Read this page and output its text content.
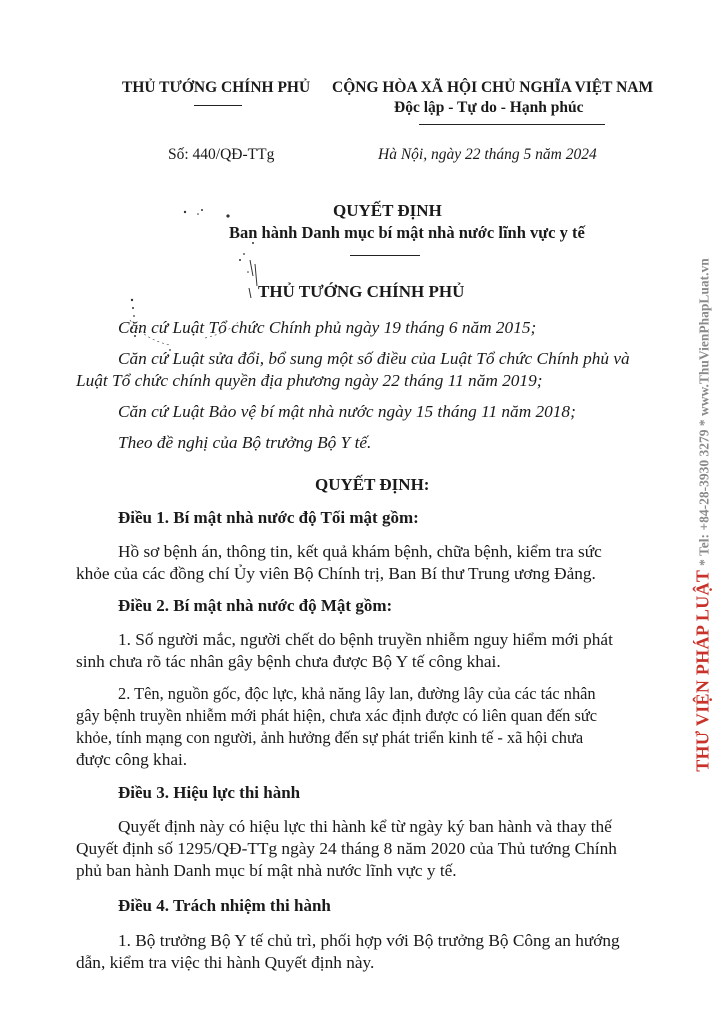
THỦ TƯỚNG CHÍNH PHỦ CỘNG HÒA XÃ HỘI CHỦ NGHĨA VIỆT NAM
Độc lập - Tự do - Hạnh phúc
Số: 440/QĐ-TTg	Hà Nội, ngày 22 tháng 5 năm 2024
QUYẾT ĐỊNH
Ban hành Danh mục bí mật nhà nước lĩnh vực y tế
THỦ TƯỚNG CHÍNH PHỦ
Căn cứ Luật Tổ chức Chính phủ ngày 19 tháng 6 năm 2015;
Căn cứ Luật sửa đổi, bổ sung một số điều của Luật Tổ chức Chính phủ và
Luật Tổ chức chính quyền địa phương ngày 22 tháng 11 năm 2019;
Căn cứ Luật Bảo vệ bí mật nhà nước ngày 15 tháng 11 năm 2018;
Theo đề nghị của Bộ trưởng Bộ Y tế.
QUYẾT ĐỊNH:
Điều 1. Bí mật nhà nước độ Tối mật gồm:
Hồ sơ bệnh án, thông tin, kết quả khám bệnh, chữa bệnh, kiểm tra sức
khỏe của các đồng chí Ủy viên Bộ Chính trị, Ban Bí thư Trung ương Đảng.
Điều 2. Bí mật nhà nước độ Mật gồm:
1. Số người mắc, người chết do bệnh truyền nhiễm nguy hiểm mới phát
sinh chưa rõ tác nhân gây bệnh chưa được Bộ Y tế công khai.
2. Tên, nguồn gốc, độc lực, khả năng lây lan, đường lây của các tác nhân
gây bệnh truyền nhiễm mới phát hiện, chưa xác định được có liên quan đến sức
khỏe, tính mạng con người, ảnh hưởng đến sự phát triển kinh tế - xã hội chưa
được công khai.
Điều 3. Hiệu lực thi hành
Quyết định này có hiệu lực thi hành kể từ ngày ký ban hành và thay thế
Quyết định số 1295/QĐ-TTg ngày 24 tháng 8 năm 2020 của Thủ tướng Chính
phủ ban hành Danh mục bí mật nhà nước lĩnh vực y tế.
Điều 4. Trách nhiệm thi hành
1. Bộ trưởng Bộ Y tế chủ trì, phối hợp với Bộ trưởng Bộ Công an hướng
dẫn, kiểm tra việc thi hành Quyết định này.
THƯ VIỆN PHÁP LUẬT * Tel: +84-28-3930 3279 * www.ThuVienPhapLuat.vn
